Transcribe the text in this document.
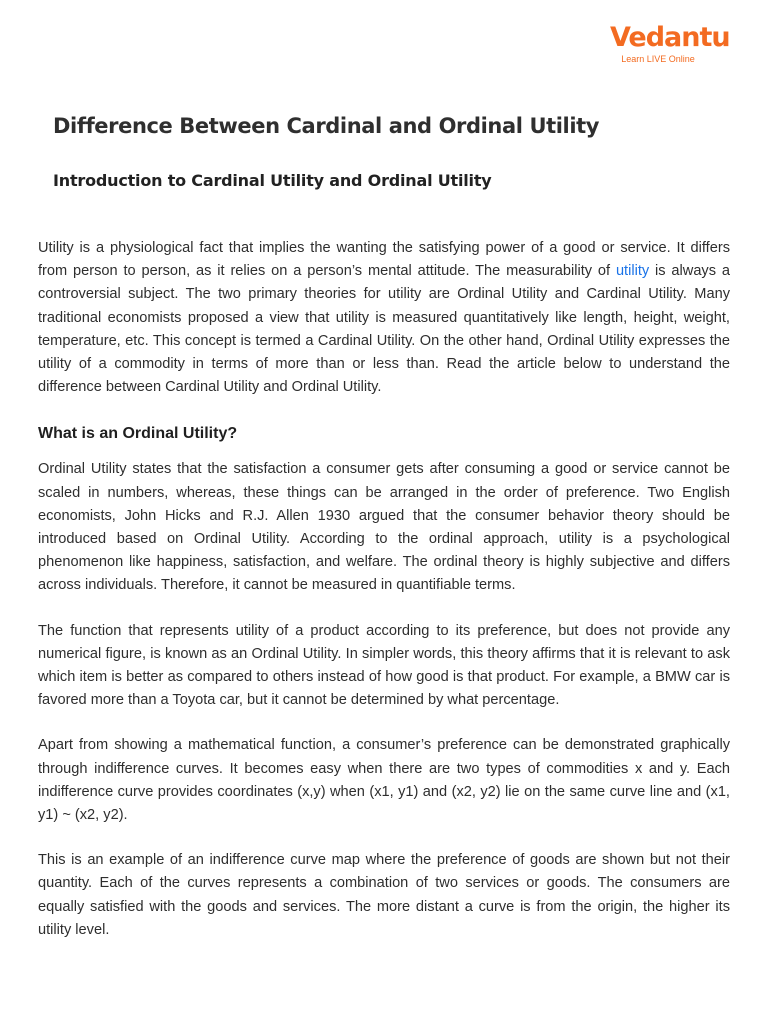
Vedantu
Learn LIVE Online
Difference Between Cardinal and Ordinal Utility
Introduction to Cardinal Utility and Ordinal Utility

Utility is a physiological fact that implies the wanting the satisfying power of a good or service. It differs from person to person, as it relies on a person’s mental attitude. The measurability of utility is always a controversial subject. The two primary theories for utility are Ordinal Utility and Cardinal Utility. Many traditional economists proposed a view that utility is measured quantitatively like length, height, weight, temperature, etc. This concept is termed a Cardinal Utility. On the other hand, Ordinal Utility expresses the utility of a commodity in terms of more than or less than. Read the article below to understand the difference between Cardinal Utility and Ordinal Utility.

What is an Ordinal Utility?

Ordinal Utility states that the satisfaction a consumer gets after consuming a good or service cannot be scaled in numbers, whereas, these things can be arranged in the order of preference. Two English economists, John Hicks and R.J. Allen 1930 argued that the consumer behavior theory should be introduced based on Ordinal Utility. According to the ordinal approach, utility is a psychological phenomenon like happiness, satisfaction, and welfare. The ordinal theory is highly subjective and differs across individuals. Therefore, it cannot be measured in quantifiable terms.

The function that represents utility of a product according to its preference, but does not provide any numerical figure, is known as an Ordinal Utility. In simpler words, this theory affirms that it is relevant to ask which item is better as compared to others instead of how good is that product. For example, a BMW car is favored more than a Toyota car, but it cannot be determined by what percentage.

Apart from showing a mathematical function, a consumer’s preference can be demonstrated graphically through indifference curves. It becomes easy when there are two types of commodities x and y. Each indifference curve provides coordinates (x,y) when (x1, y1) and (x2, y2) lie on the same curve line and (x1, y1) ~ (x2, y2).

This is an example of an indifference curve map where the preference of goods are shown but not their quantity. Each of the curves represents a combination of two services or goods. The consumers are equally satisfied with the goods and services. The more distant a curve is from the origin, the higher its utility level.
